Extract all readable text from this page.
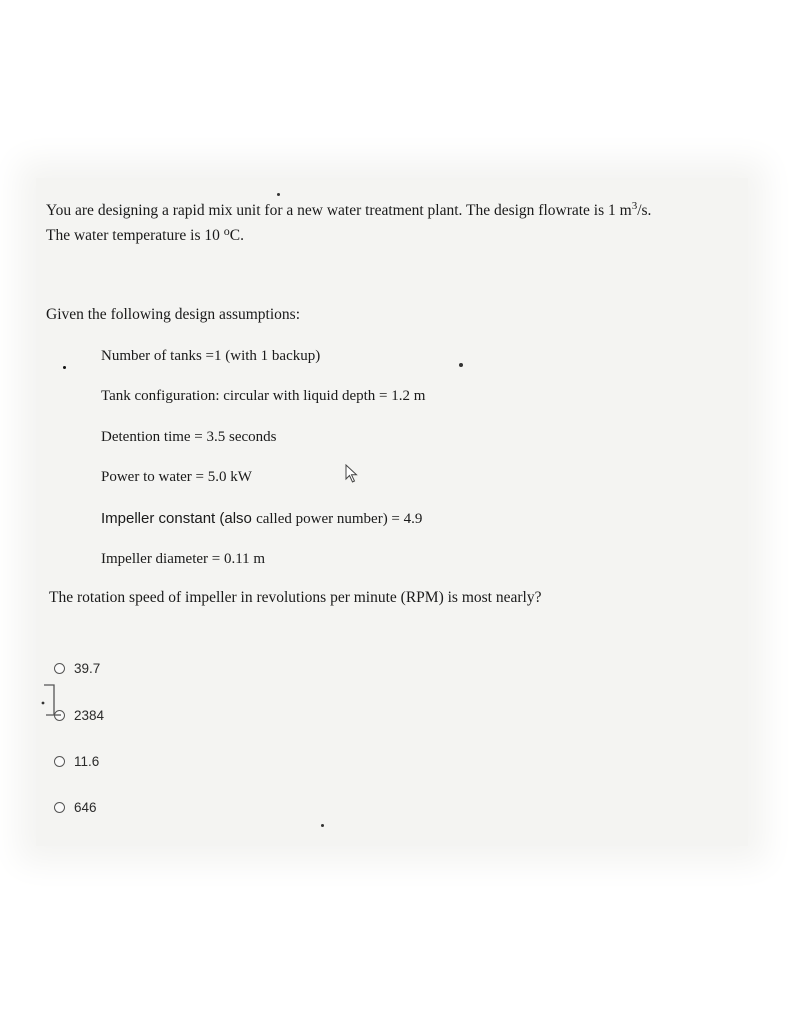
You are designing a rapid mix unit for a new water treatment plant. The design flowrate is 1 $m^3/s$.
The water temperature is 10 $^o$C.
Given the following design assumptions:
Number of tanks =1 (with 1 backup)
Tank configuration: circular with liquid depth = 1.2 m
Detention time = 3.5 seconds
Power to water = 5.0 kW
Impeller constant (also called power number) = 4.9
Impeller diameter = 0.11 m
The rotation speed of impeller in revolutions per minute (RPM) is most nearly?
39.7
2384
11.6
646
